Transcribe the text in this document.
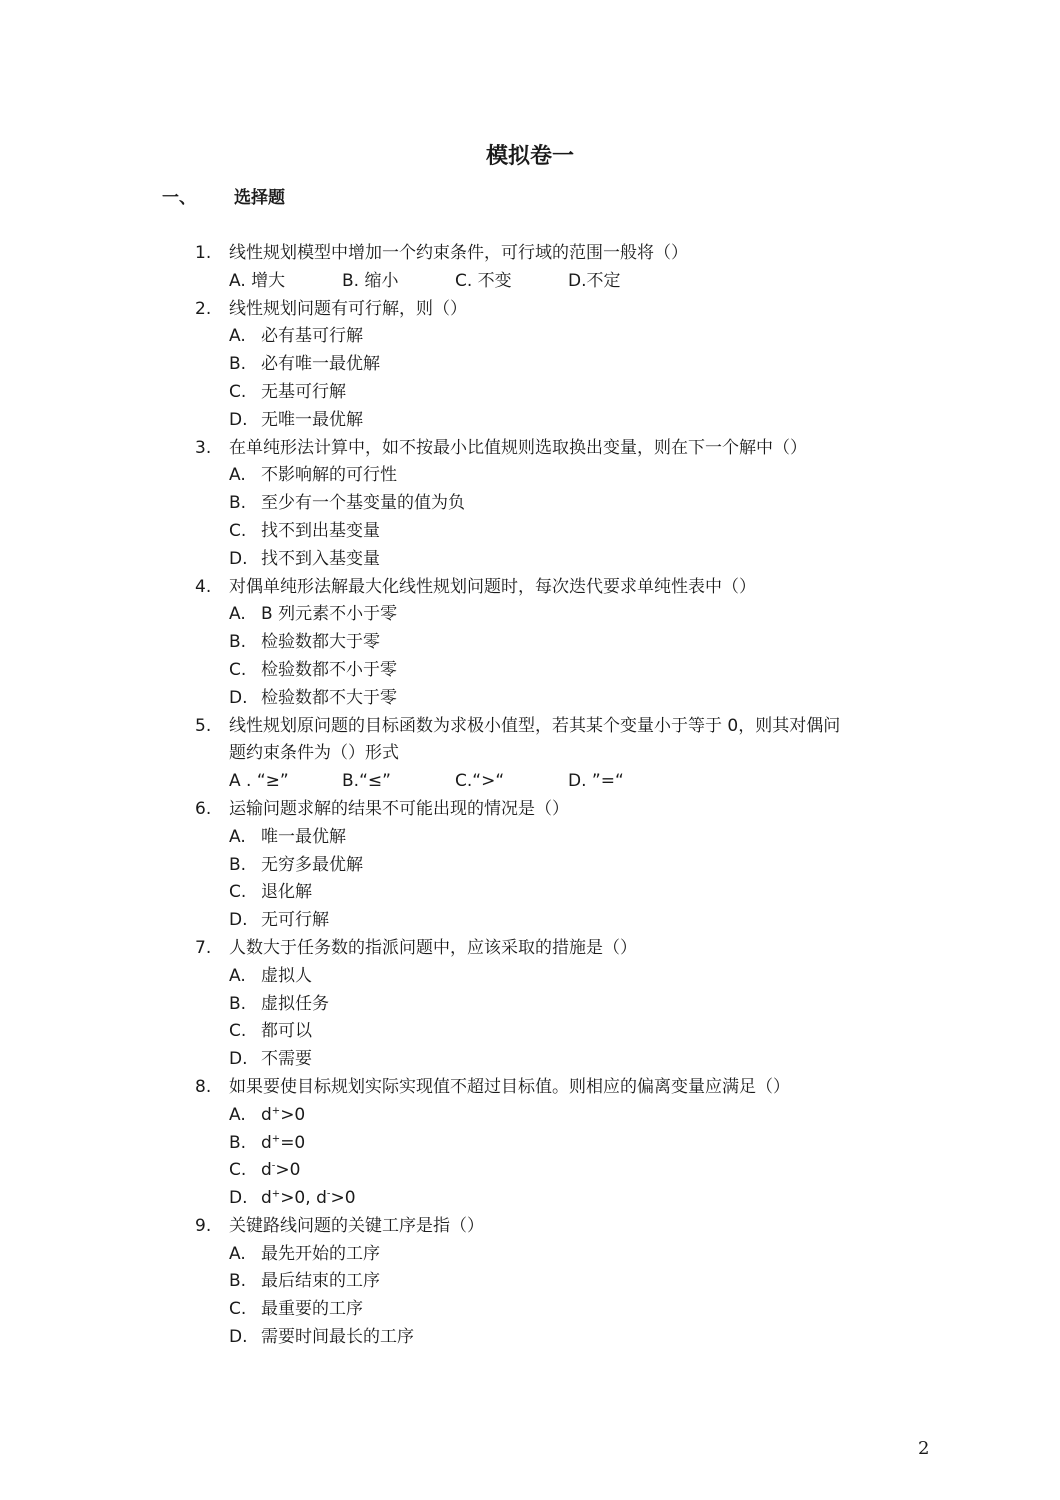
模拟卷一
一、 选择题
1. 线性规划模型中增加一个约束条件，可行域的范围一般将（）
A. 增大	B. 缩小	C. 不变	D.不定
2. 线性规划问题有可行解，则（）
A. 必有基可行解
B. 必有唯一最优解
C. 无基可行解
D. 无唯一最优解
3. 在单纯形法计算中，如不按最小比值规则选取换出变量，则在下一个解中（）
A. 不影响解的可行性
B. 至少有一个基变量的值为负
C. 找不到出基变量
D. 找不到入基变量
4. 对偶单纯形法解最大化线性规划问题时，每次迭代要求单纯性表中（）
A. B 列元素不小于零
B. 检验数都大于零
C. 检验数都不小于零
D. 检验数都不大于零
5. 线性规划原问题的目标函数为求极小值型，若其某个变量小于等于 0，则其对偶问
题约束条件为（）形式
A . “≥”	B.“≤”	C.“>“	D. ”=“
6. 运输问题求解的结果不可能出现的情况是（）
A. 唯一最优解
B. 无穷多最优解
C. 退化解
D. 无可行解
7. 人数大于任务数的指派问题中，应该采取的措施是（）
A. 虚拟人
B. 虚拟任务
C. 都可以
D. 不需要
8. 如果要使目标规划实际实现值不超过目标值。则相应的偏离变量应满足（）
A. d+>0
B. d+=0
C. d->0
D. d+>0, d->0
9. 关键路线问题的关键工序是指（）
A. 最先开始的工序
B. 最后结束的工序
C. 最重要的工序
D. 需要时间最长的工序
2
